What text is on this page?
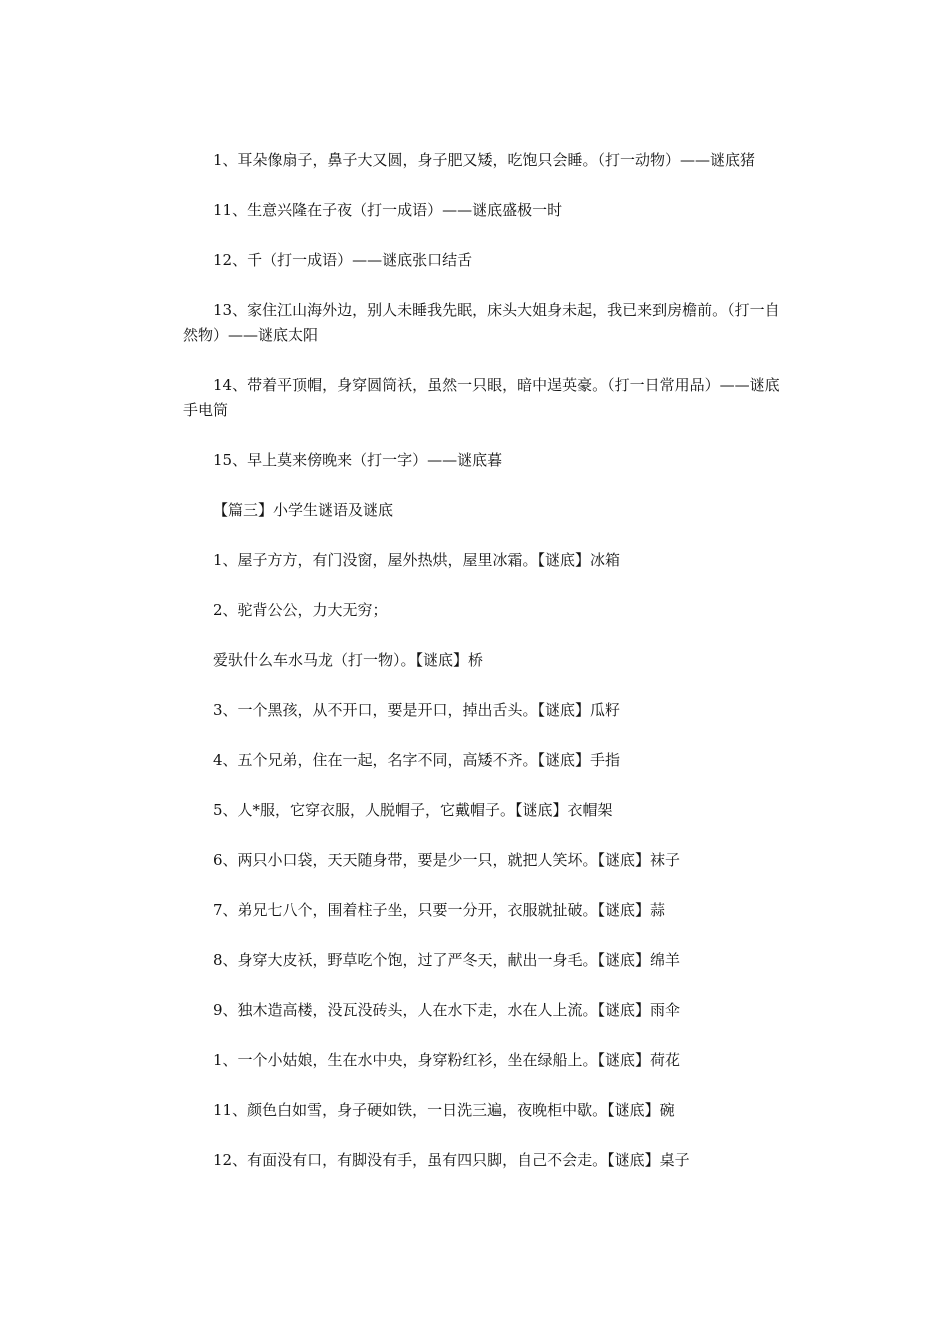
1、耳朵像扇子，鼻子大又圆，身子肥又矮，吃饱只会睡。（打一动物）——谜底猪

11、生意兴隆在子夜（打一成语）——谜底盛极一时

12、千（打一成语）——谜底张口结舌

13、家住江山海外边，别人未睡我先眠，床头大姐身未起，我已来到房檐前。（打一自然物）——谜底太阳

14、带着平顶帽，身穿圆筒袄，虽然一只眼，暗中逞英豪。（打一日常用品）——谜底手电筒

15、早上莫来傍晚来（打一字）——谜底暮

【篇三】小学生谜语及谜底

1、屋子方方，有门没窗，屋外热烘，屋里冰霜。【谜底】冰箱

2、驼背公公，力大无穷；

爱驮什么车水马龙（打一物）。【谜底】桥

3、一个黑孩，从不开口，要是开口，掉出舌头。【谜底】瓜籽

4、五个兄弟，住在一起，名字不同，高矮不齐。【谜底】手指

5、人*服，它穿衣服，人脱帽子，它戴帽子。【谜底】衣帽架

6、两只小口袋，天天随身带，要是少一只，就把人笑坏。【谜底】袜子

7、弟兄七八个，围着柱子坐，只要一分开，衣服就扯破。【谜底】蒜

8、身穿大皮袄，野草吃个饱，过了严冬天，献出一身毛。【谜底】绵羊

9、独木造高楼，没瓦没砖头，人在水下走，水在人上流。【谜底】雨伞

1、一个小姑娘，生在水中央，身穿粉红衫，坐在绿船上。【谜底】荷花

11、颜色白如雪，身子硬如铁，一日洗三遍，夜晚柜中歇。【谜底】碗

12、有面没有口，有脚没有手，虽有四只脚，自己不会走。【谜底】桌子
